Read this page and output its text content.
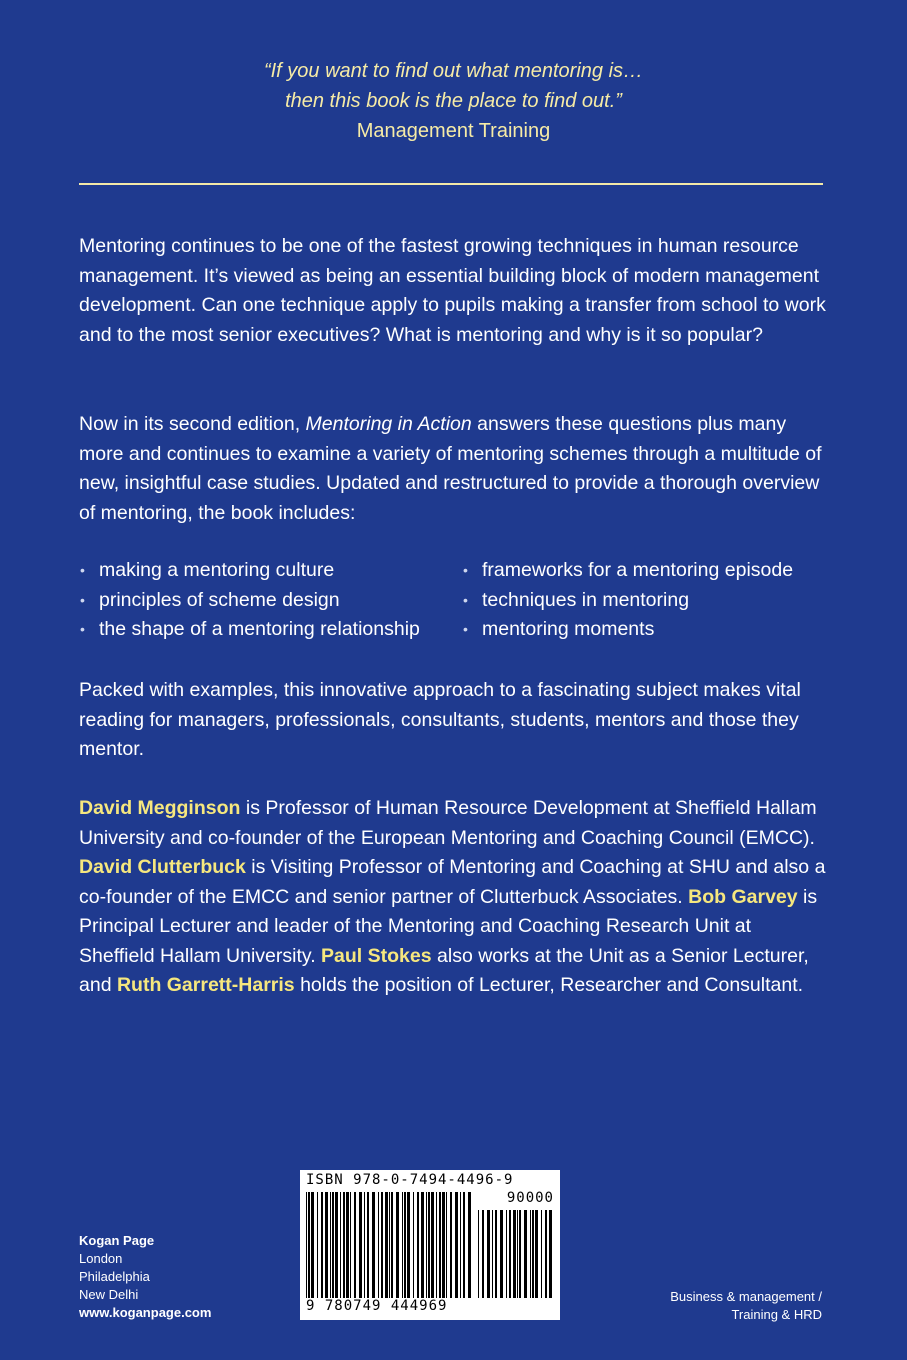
“If you want to find out what mentoring is…
then this book is the place to find out.”
Management Training
Mentoring continues to be one of the fastest growing techniques in human resource management. It’s viewed as being an essential building block of modern management development. Can one technique apply to pupils making a transfer from school to work and to the most senior executives? What is mentoring and why is it so popular?
Now in its second edition, Mentoring in Action answers these questions plus many more and continues to examine a variety of mentoring schemes through a multitude of new, insightful case studies. Updated and restructured to provide a thorough overview of mentoring, the book includes:
• making a mentoring culture
• principles of scheme design
• the shape of a mentoring relationship
• frameworks for a mentoring episode
• techniques in mentoring
• mentoring moments
Packed with examples, this innovative approach to a fascinating subject makes vital reading for managers, professionals, consultants, students, mentors and those they mentor.
David Megginson is Professor of Human Resource Development at Sheffield Hallam University and co-founder of the European Mentoring and Coaching Council (EMCC). David Clutterbuck is Visiting Professor of Mentoring and Coaching at SHU and also a co-founder of the EMCC and senior partner of Clutterbuck Associates. Bob Garvey is Principal Lecturer and leader of the Mentoring and Coaching Research Unit at Sheffield Hallam University. Paul Stokes also works at the Unit as a Senior Lecturer, and Ruth Garrett-Harris holds the position of Lecturer, Researcher and Consultant.
ISBN 978-0-7494-4496-9
90000
9 780749 444969
Kogan Page
London
Philadelphia
New Delhi
www.koganpage.com
Business & management /
Training & HRD
